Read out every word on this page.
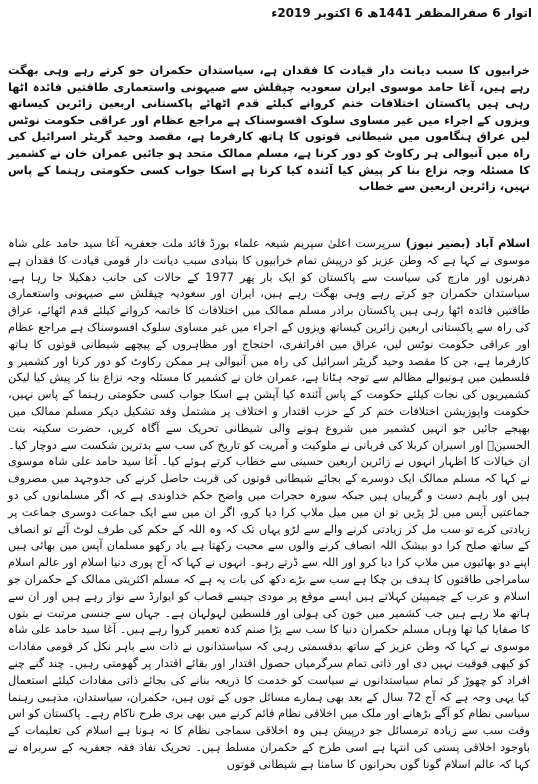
اتوار 6 صفرالمظفر 1441ھ 6 اکتوبر 2019ء
خرابیوں کا سبب دیانت دار قیادت کا فقدان ہے، سیاستدان حکمران جو کرتے رہے وہی بھگت رہے ہیں، آغا حامد موسوی ایران سعودیہ چپقلش سے صیہونی واستعماری طاقتیں فائدہ اٹھا رہی ہیں پاکستان اختلافات ختم کروانے کیلئے قدم اٹھائے پاکستانی اربعین زائرین کیساتھ ویزوں کے اجراء میں غیر مساوی سلوک افسوسناک ہے مراجع عظام اور عراقی حکومت نوٹس لیں عراق ہنگاموں میں شیطانی قوتوں کا ہاتھ کارفرما ہے، مقصد وحید گریٹر اسرائیل کی راہ میں آنیوالی ہر رکاوٹ کو دور کرنا ہے، مسلم ممالک متحد ہو جائیں عمران خان نے کشمیر کا مسئلہ وجہ نزاع بنا کر پیش کیا آئندہ کیا کرنا ہے اسکا جواب کسی حکومتی رہنما کے پاس نہیں، زائرین اربعین سے خطاب
اسلام آباد (بصیر نیوز) سرپرست اعلیٰ سپریم شیعہ علماء بورڈ قائد ملت جعفریہ آغا سید حامد علی شاہ موسوی نے کہا ہے کہ وطن عزیز کو درپیش تمام خرابیوں کا بنیادی سبب دیانت دار قومی قیادت کا فقدان ہے دھرنوں اور مارچ کی سیاست سے پاکستان کو ایک بار پھر 1977 کے حالات کی جانب دھکیلا جا رہا ہے، سیاستدان حکمران جو کرتے رہے وہی بھگت رہے ہیں، ایران اور سعودیہ چپقلش سے صیہونی واستعماری طاقتیں فائدہ اٹھا رہی ہیں پاکستان برادر مسلم ممالک میں اختلافات کا خاتمہ کروانے کیلئے قدم اٹھائے، عراق کی راہ سے پاکستانی اربعین زائرین کیساتھ ویزوں کے اجراء میں غیر مساوی سلوک افسوسناک ہے مراجع عظام اور عراقی حکومت نوٹس لیں، عراق میں افراتفری، احتجاج اور مظاہروں کے پیچھے شیطانی قوتوں کا ہاتھ کارفرما ہے، جن کا مقصد وحید گریٹر اسرائیل کی راہ میں آنیوالی ہر ممکن رکاوٹ کو دور کرنا اور کشمیر و فلسطین میں ہونیوالے مظالم سے توجہ ہٹانا ہے، عمران خان نے کشمیر کا مسئلہ وجہ نزاع بنا کر پیش کیا لیکن کشمیریوں کی نجات کیلئے حکومت کے پاس آئندہ کیا آپشن ہے اسکا جواب کسی حکومتی رہنما کے پاس نہیں، حکومت واپوزیشن اختلافات ختم کر کے حزب اقتدار و اختلاف پر مشتمل وفد تشکیل دیکر مسلم ممالک میں بھیجے جائیں جو انہیں کشمیر میں شروع ہونے والی شیطانی تحریک سے آگاہ کریں، حضرت سکینہ بنت الحسینؑ اور اسیران کربلا کی قربانی نے ملوکیت و آمریت کو تاریخ کی سب سے بدترین شکست سے دوچار کیا۔ ان خیالات کا اظہار انہوں نے زائرین اربعین حسینی سے خطاب کرتے ہوئے کیا۔ آغا سید حامد علی شاہ موسوی نے کہا کہ مسلم ممالک ایک دوسرے کے بجائے شیطانی قوتوں کی قربت حاصل کرنے کی جدوجہد میں مصروف ہیں اور باہم دست و گریباں ہیں جبکہ سورہ حجرات میں واضح حکم خداوندی ہے کہ اگر مسلمانوں کی دو جماعتیں آپس میں لڑ پڑیں تو ان میں میل ملاپ کرا دیا کرو، اگر ان میں سے ایک جماعت دوسری جماعت پر زیادتی کرے تو سب مل کر زیادتی کرنے والے سے لڑو یہاں تک کہ وہ اللہ کے حکم کی طرف لوٹ آئے تو انصاف کے ساتھ صلح کرا دو بیشک اللہ انصاف کرنے والوں سے محبت رکھتا ہے یاد رکھو مسلمان آپس میں بھائی ہیں اپنے دو بھائیوں میں ملاپ کرا دیا کرو اور اللہ سے ڈرتے رہو۔ انہوں نے کہا کہ آج پوری دنیا اسلام اور عالم اسلام سامراجی طاقتوں کا ہدف بن چکا ہے سب سے بڑے دکھ کی بات یہ ہے کہ مسلم اکثریتی ممالک کے حکمران جو اسلام و عرب کے چیمپیئن کہلاتے ہیں ایسے موقع پر مودی جیسے قصاب کو ایوارڈ سے نواز رہے ہیں اور ان سے ہاتھ ملا رہے ہیں جب کشمیر میں خون کی ہولی اور فلسطین لہولہان ہے۔ جہاں سے جنسی مرتبت نے بتوں کا صفایا کیا تھا وہاں مسلم حکمران دنیا کا سب سے بڑا صنم کدہ تعمیر کروا رہے ہیں۔ آغا سید حامد علی شاہ موسوی نے کہا کہ وطن عزیز کے ساتھ بدقسمتی رہی کہ سیاستدانوں نے ذات سے باہر نکل کر قومی مفادات کو کبھی فوقیت نہیں دی اور ذاتی تمام سرگرمیاں حصول اقتدار اور بقائے اقتدار پر گھومتی رہیں۔ چند گنے چنے افراد کو چھوڑ کر تمام سیاستدانوں نے سیاست کو خدمت کا ذریعہ بنانے کی بجائے ذاتی مفادات کیلئے استعمال کیا یہی وجہ ہے کہ آج 72 سال کے بعد بھی ہمارے مسائل جوں کے توں ہیں، حکمران، سیاستدان، مذہبی رہنما سیاسی نظام کو آگے بڑھانے اور ملک میں اخلاقی نظام قائم کرنے میں بھی بری طرح ناکام رہے۔ پاکستان کو اس وقت سب سے زیادہ ترمسائل جو درپیش ہیں وہ اخلاقی سماجی نظام کا نہ ہونا ہے اسلام کی تعلیمات کے باوجود اخلاقی پستی کی انتہا ہے اسی طرح کے حکمران مسلط ہیں۔ تحریک نفاذ فقہ جعفریہ کے سربراہ نے کہا کہ عالم اسلام گونا گوں بحرانوں کا سامنا ہے شیطانی قوتوں
